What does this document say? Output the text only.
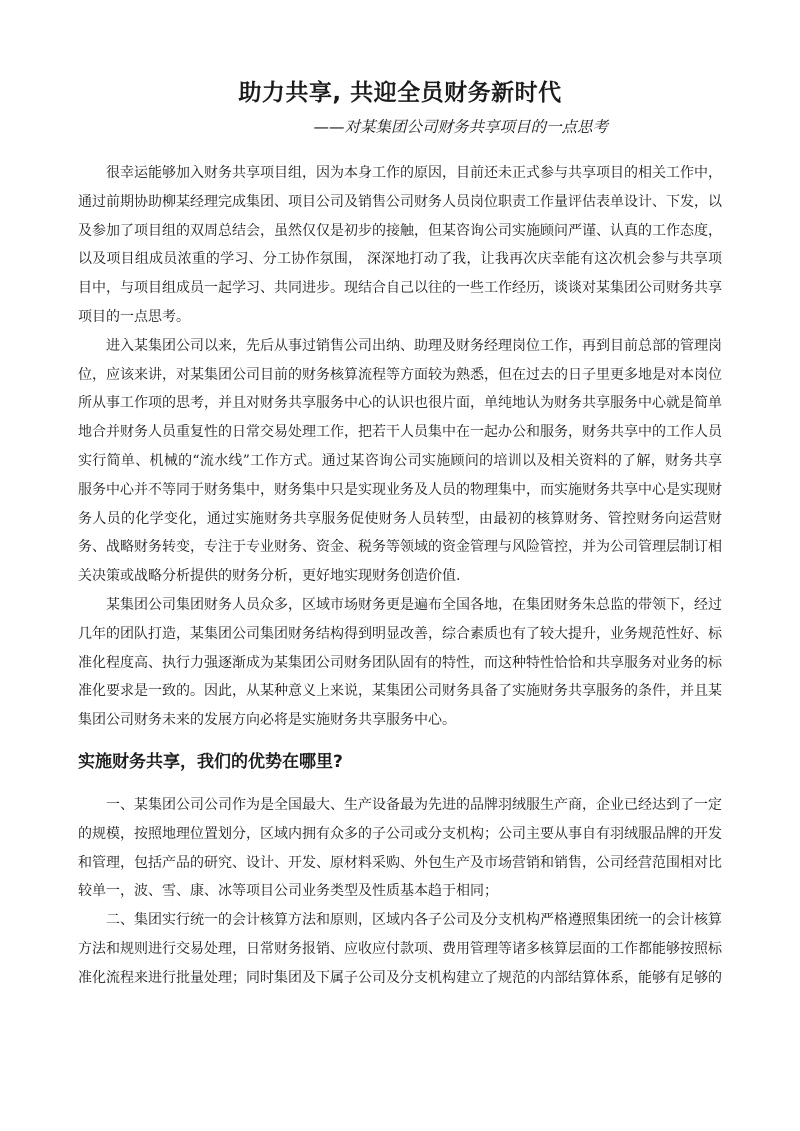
助力共享, 共迎全员财务新时代
——对某集团公司财务共享项目的一点思考

很幸运能够加入财务共享项目组，因为本身工作的原因，目前还未正式参与共享项目的相关工作中，通过前期协助柳某经理完成集团、项目公司及销售公司财务人员岗位职责工作量评估表单设计、下发，以及参加了项目组的双周总结会，虽然仅仅是初步的接触，但某咨询公司实施顾问严谨、认真的工作态度，以及项目组成员浓重的学习、分工协作氛围， 深深地打动了我，让我再次庆幸能有这次机会参与共享项目中，与项目组成员一起学习、共同进步。现结合自己以往的一些工作经历，谈谈对某集团公司财务共享项目的一点思考。

进入某集团公司以来，先后从事过销售公司出纳、助理及财务经理岗位工作，再到目前总部的管理岗位，应该来讲，对某集团公司目前的财务核算流程等方面较为熟悉，但在过去的日子里更多地是对本岗位所从事工作项的思考，并且对财务共享服务中心的认识也很片面，单纯地认为财务共享服务中心就是简单地合并财务人员重复性的日常交易处理工作，把若干人员集中在一起办公和服务，财务共享中的工作人员实行简单、机械的“流水线”工作方式。通过某咨询公司实施顾问的培训以及相关资料的了解，财务共享服务中心并不等同于财务集中，财务集中只是实现业务及人员的物理集中，而实施财务共享中心是实现财务人员的化学变化，通过实施财务共享服务促使财务人员转型，由最初的核算财务、管控财务向运营财务、战略财务转变，专注于专业财务、资金、税务等领域的资金管理与风险管控，并为公司管理层制订相关决策或战略分析提供的财务分析，更好地实现财务创造价值.

某集团公司集团财务人员众多，区域市场财务更是遍布全国各地，在集团财务朱总监的带领下，经过几年的团队打造，某集团公司集团财务结构得到明显改善，综合素质也有了较大提升，业务规范性好、标准化程度高、执行力强逐渐成为某集团公司财务团队固有的特性，而这种特性恰恰和共享服务对业务的标准化要求是一致的。因此，从某种意义上来说，某集团公司财务具备了实施财务共享服务的条件，并且某集团公司财务未来的发展方向必将是实施财务共享服务中心。

实施财务共享，我们的优势在哪里?

一、某集团公司公司作为是全国最大、生产设备最为先进的品牌羽绒服生产商，企业已经达到了一定的规模，按照地理位置划分，区域内拥有众多的子公司或分支机构；公司主要从事自有羽绒服品牌的开发和管理，包括产品的研究、设计、开发、原材料采购、外包生产及市场营销和销售，公司经营范围相对比较单一，波、雪、康、冰等项目公司业务类型及性质基本趋于相同；

二、集团实行统一的会计核算方法和原则，区域内各子公司及分支机构严格遵照集团统一的会计核算方法和规则进行交易处理，日常财务报销、应收应付款项、费用管理等诸多核算层面的工作都能够按照标准化流程来进行批量处理；同时集团及下属子公司及分支机构建立了规范的内部结算体系，能够有足够的
